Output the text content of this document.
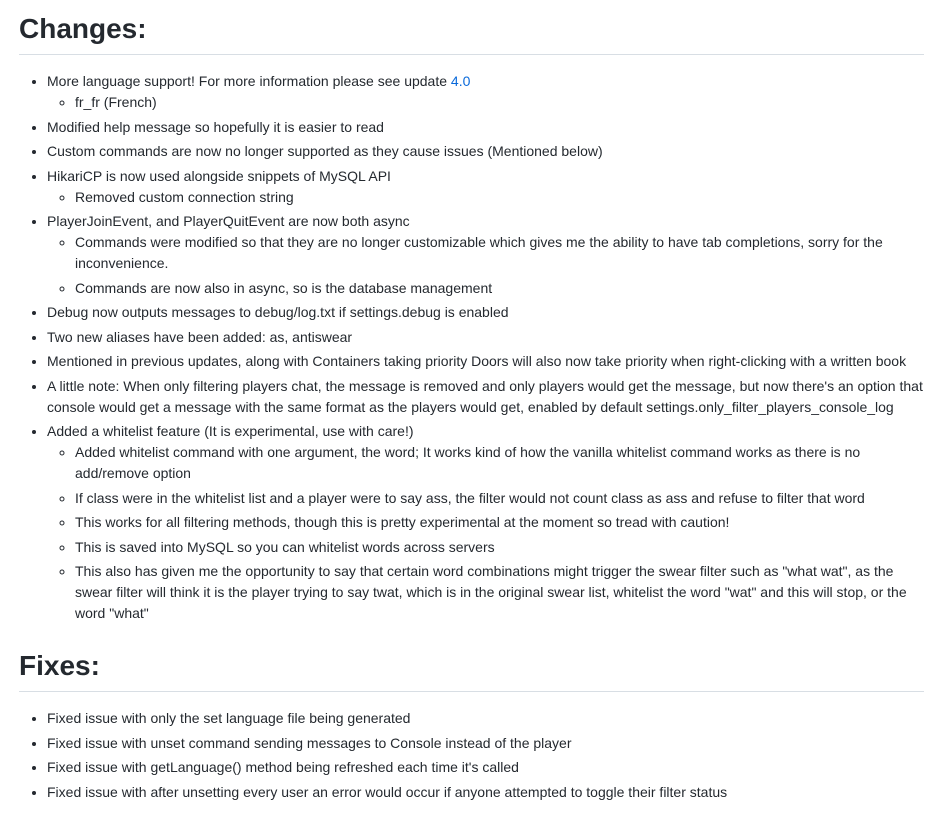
Changes:
• More language support! For more information please see update 4.0
◦ fr_fr (French)
• Modified help message so hopefully it is easier to read
• Custom commands are now no longer supported as they cause issues (Mentioned below)
• HikariCP is now used alongside snippets of MySQL API
◦ Removed custom connection string
• PlayerJoinEvent, and PlayerQuitEvent are now both async
◦ Commands were modified so that they are no longer customizable which gives me the ability to have tab completions, sorry for the inconvenience.
◦ Commands are now also in async, so is the database management
• Debug now outputs messages to debug/log.txt if settings.debug is enabled
• Two new aliases have been added: as, antiswear
• Mentioned in previous updates, along with Containers taking priority Doors will also now take priority when right-clicking with a written book
• A little note: When only filtering players chat, the message is removed and only players would get the message, but now there's an option that console would get a message with the same format as the players would get, enabled by default settings.only_filter_players_console_log
• Added a whitelist feature (It is experimental, use with care!)
◦ Added whitelist command with one argument, the word; It works kind of how the vanilla whitelist command works as there is no add/remove option
◦ If class were in the whitelist list and a player were to say ass, the filter would not count class as ass and refuse to filter that word
◦ This works for all filtering methods, though this is pretty experimental at the moment so tread with caution!
◦ This is saved into MySQL so you can whitelist words across servers
◦ This also has given me the opportunity to say that certain word combinations might trigger the swear filter such as "what wat", as the swear filter will think it is the player trying to say twat, which is in the original swear list, whitelist the word "wat" and this will stop, or the word "what"
Fixes:
• Fixed issue with only the set language file being generated
• Fixed issue with unset command sending messages to Console instead of the player
• Fixed issue with getLanguage() method being refreshed each time it's called
• Fixed issue with after unsetting every user an error would occur if anyone attempted to toggle their filter status
